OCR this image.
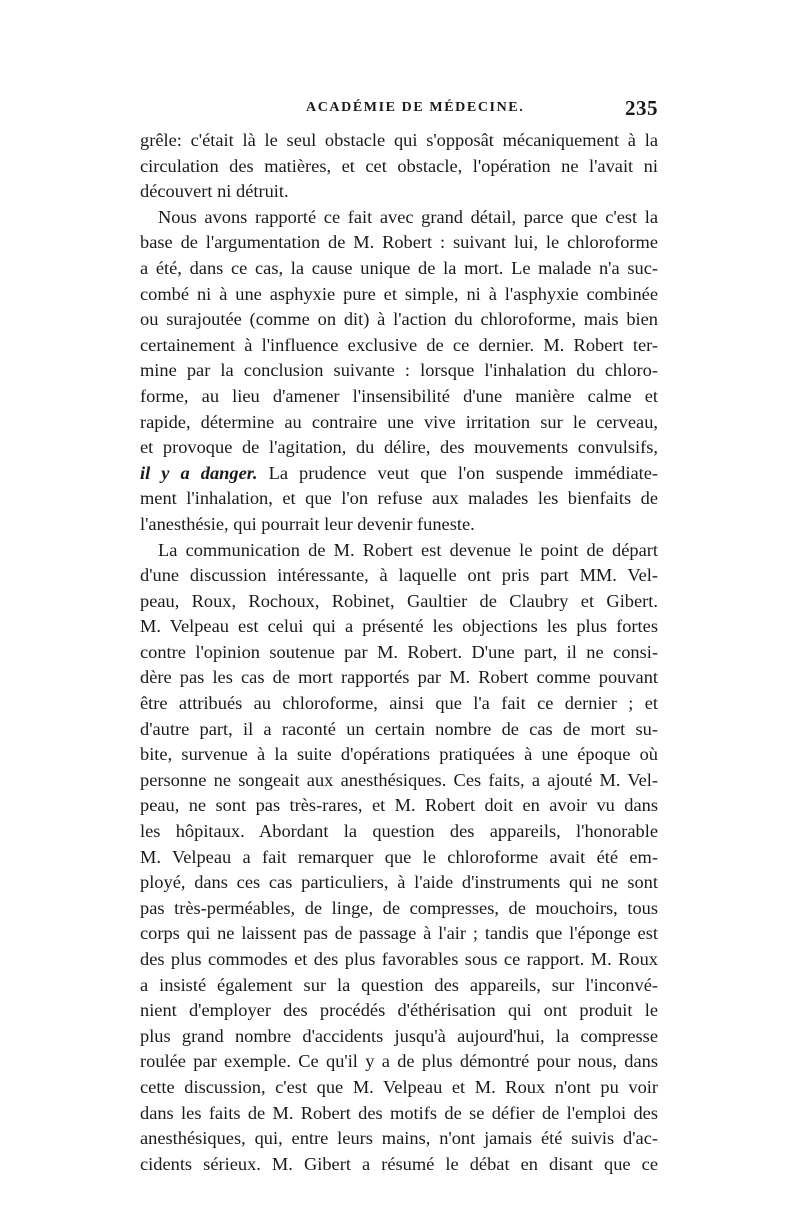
ACADÉMIE DE MÉDECINE.	235
grêle: c'était là le seul obstacle qui s'opposât mécaniquement à la
circulation des matières, et cet obstacle, l'opération ne l'avait ni
découvert ni détruit.
Nous avons rapporté ce fait avec grand détail, parce que c'est la
base de l'argumentation de M. Robert : suivant lui, le chloroforme
a été, dans ce cas, la cause unique de la mort. Le malade n'a suc-
combé ni à une asphyxie pure et simple, ni à l'asphyxie combinée
ou surajoutée (comme on dit) à l'action du chloroforme, mais bien
certainement à l'influence exclusive de ce dernier. M. Robert ter-
mine par la conclusion suivante : lorsque l'inhalation du chloro-
forme, au lieu d'amener l'insensibilité d'une manière calme et
rapide, détermine au contraire une vive irritation sur le cerveau,
et provoque de l'agitation, du délire, des mouvements convulsifs,
il y a danger. La prudence veut que l'on suspende immédiate-
ment l'inhalation, et que l'on refuse aux malades les bienfaits de
l'anesthésie, qui pourrait leur devenir funeste.
La communication de M. Robert est devenue le point de départ
d'une discussion intéressante, à laquelle ont pris part MM. Vel-
peau, Roux, Rochoux, Robinet, Gaultier de Claubry et Gibert.
M. Velpeau est celui qui a présenté les objections les plus fortes
contre l'opinion soutenue par M. Robert. D'une part, il ne consi-
dère pas les cas de mort rapportés par M. Robert comme pouvant
être attribués au chloroforme, ainsi que l'a fait ce dernier ; et
d'autre part, il a raconté un certain nombre de cas de mort su-
bite, survenue à la suite d'opérations pratiquées à une époque où
personne ne songeait aux anesthésiques. Ces faits, a ajouté M. Vel-
peau, ne sont pas très-rares, et M. Robert doit en avoir vu dans
les hôpitaux. Abordant la question des appareils, l'honorable
M. Velpeau a fait remarquer que le chloroforme avait été em-
ployé, dans ces cas particuliers, à l'aide d'instruments qui ne sont
pas très-perméables, de linge, de compresses, de mouchoirs, tous
corps qui ne laissent pas de passage à l'air ; tandis que l'éponge est
des plus commodes et des plus favorables sous ce rapport. M. Roux
a insisté également sur la question des appareils, sur l'inconvé-
nient d'employer des procédés d'éthérisation qui ont produit le
plus grand nombre d'accidents jusqu'à aujourd'hui, la compresse
roulée par exemple. Ce qu'il y a de plus démontré pour nous, dans
cette discussion, c'est que M. Velpeau et M. Roux n'ont pu voir
dans les faits de M. Robert des motifs de se défier de l'emploi des
anesthésiques, qui, entre leurs mains, n'ont jamais été suivis d'ac-
cidents sérieux. M. Gibert a résumé le débat en disant que ce
